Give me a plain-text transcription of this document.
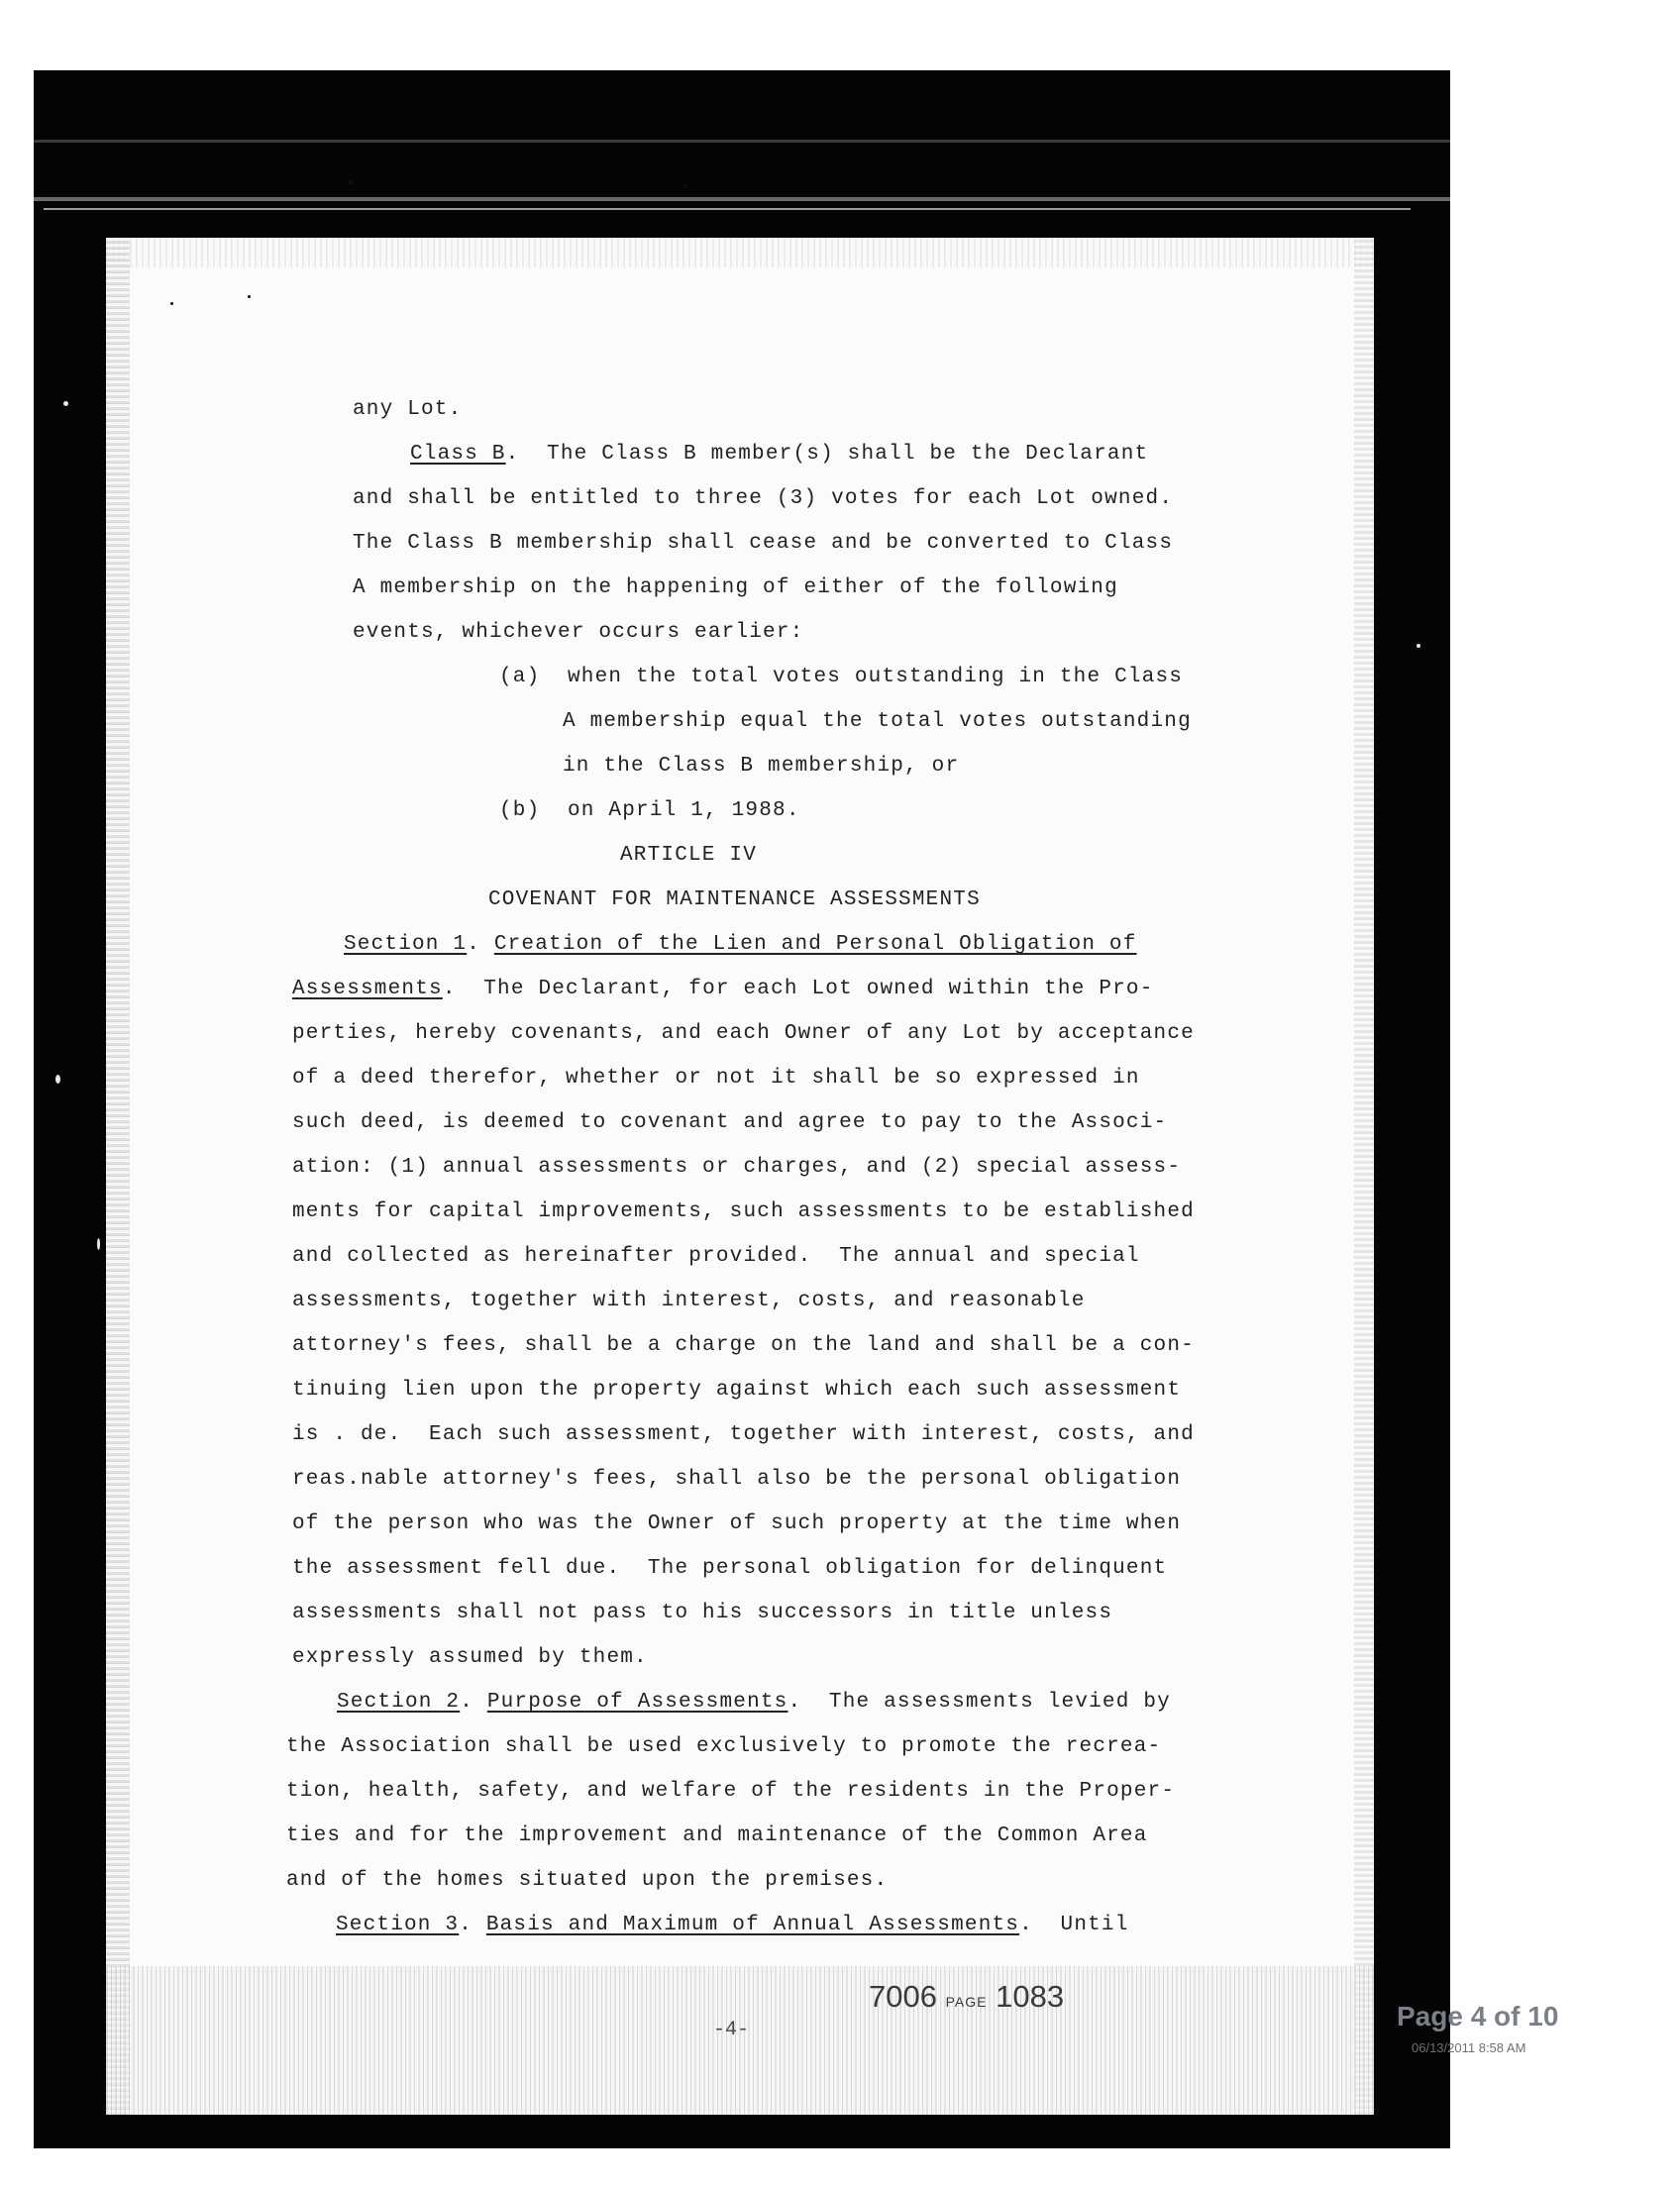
any Lot.
Class B.  The Class B member(s) shall be the Declarant
and shall be entitled to three (3) votes for each Lot owned.
The Class B membership shall cease and be converted to Class
A membership on the happening of either of the following
events, whichever occurs earlier:
(a)  when the total votes outstanding in the Class
A membership equal the total votes outstanding
in the Class B membership, or
(b)  on April 1, 1988.
ARTICLE IV
COVENANT FOR MAINTENANCE ASSESSMENTS
Section 1. Creation of the Lien and Personal Obligation of
Assessments.  The Declarant, for each Lot owned within the Pro-
perties, hereby covenants, and each Owner of any Lot by acceptance
of a deed therefor, whether or not it shall be so expressed in
such deed, is deemed to covenant and agree to pay to the Associ-
ation: (1) annual assessments or charges, and (2) special assess-
ments for capital improvements, such assessments to be established
and collected as hereinafter provided.  The annual and special
assessments, together with interest, costs, and reasonable
attorney's fees, shall be a charge on the land and shall be a con-
tinuing lien upon the property against which each such assessment
is . de.  Each such assessment, together with interest, costs, and
reas.nable attorney's fees, shall also be the personal obligation
of the person who was the Owner of such property at the time when
the assessment fell due.  The personal obligation for delinquent
assessments shall not pass to his successors in title unless
expressly assumed by them.
Section 2. Purpose of Assessments.  The assessments levied by
the Association shall be used exclusively to promote the recrea-
tion, health, safety, and welfare of the residents in the Proper-
ties and for the improvement and maintenance of the Common Area
and of the homes situated upon the premises.
Section 3. Basis and Maximum of Annual Assessments.  Until
7006 PAGE 1083
-4-	Page 4 of 10
06/13/2011 8:58 AM
